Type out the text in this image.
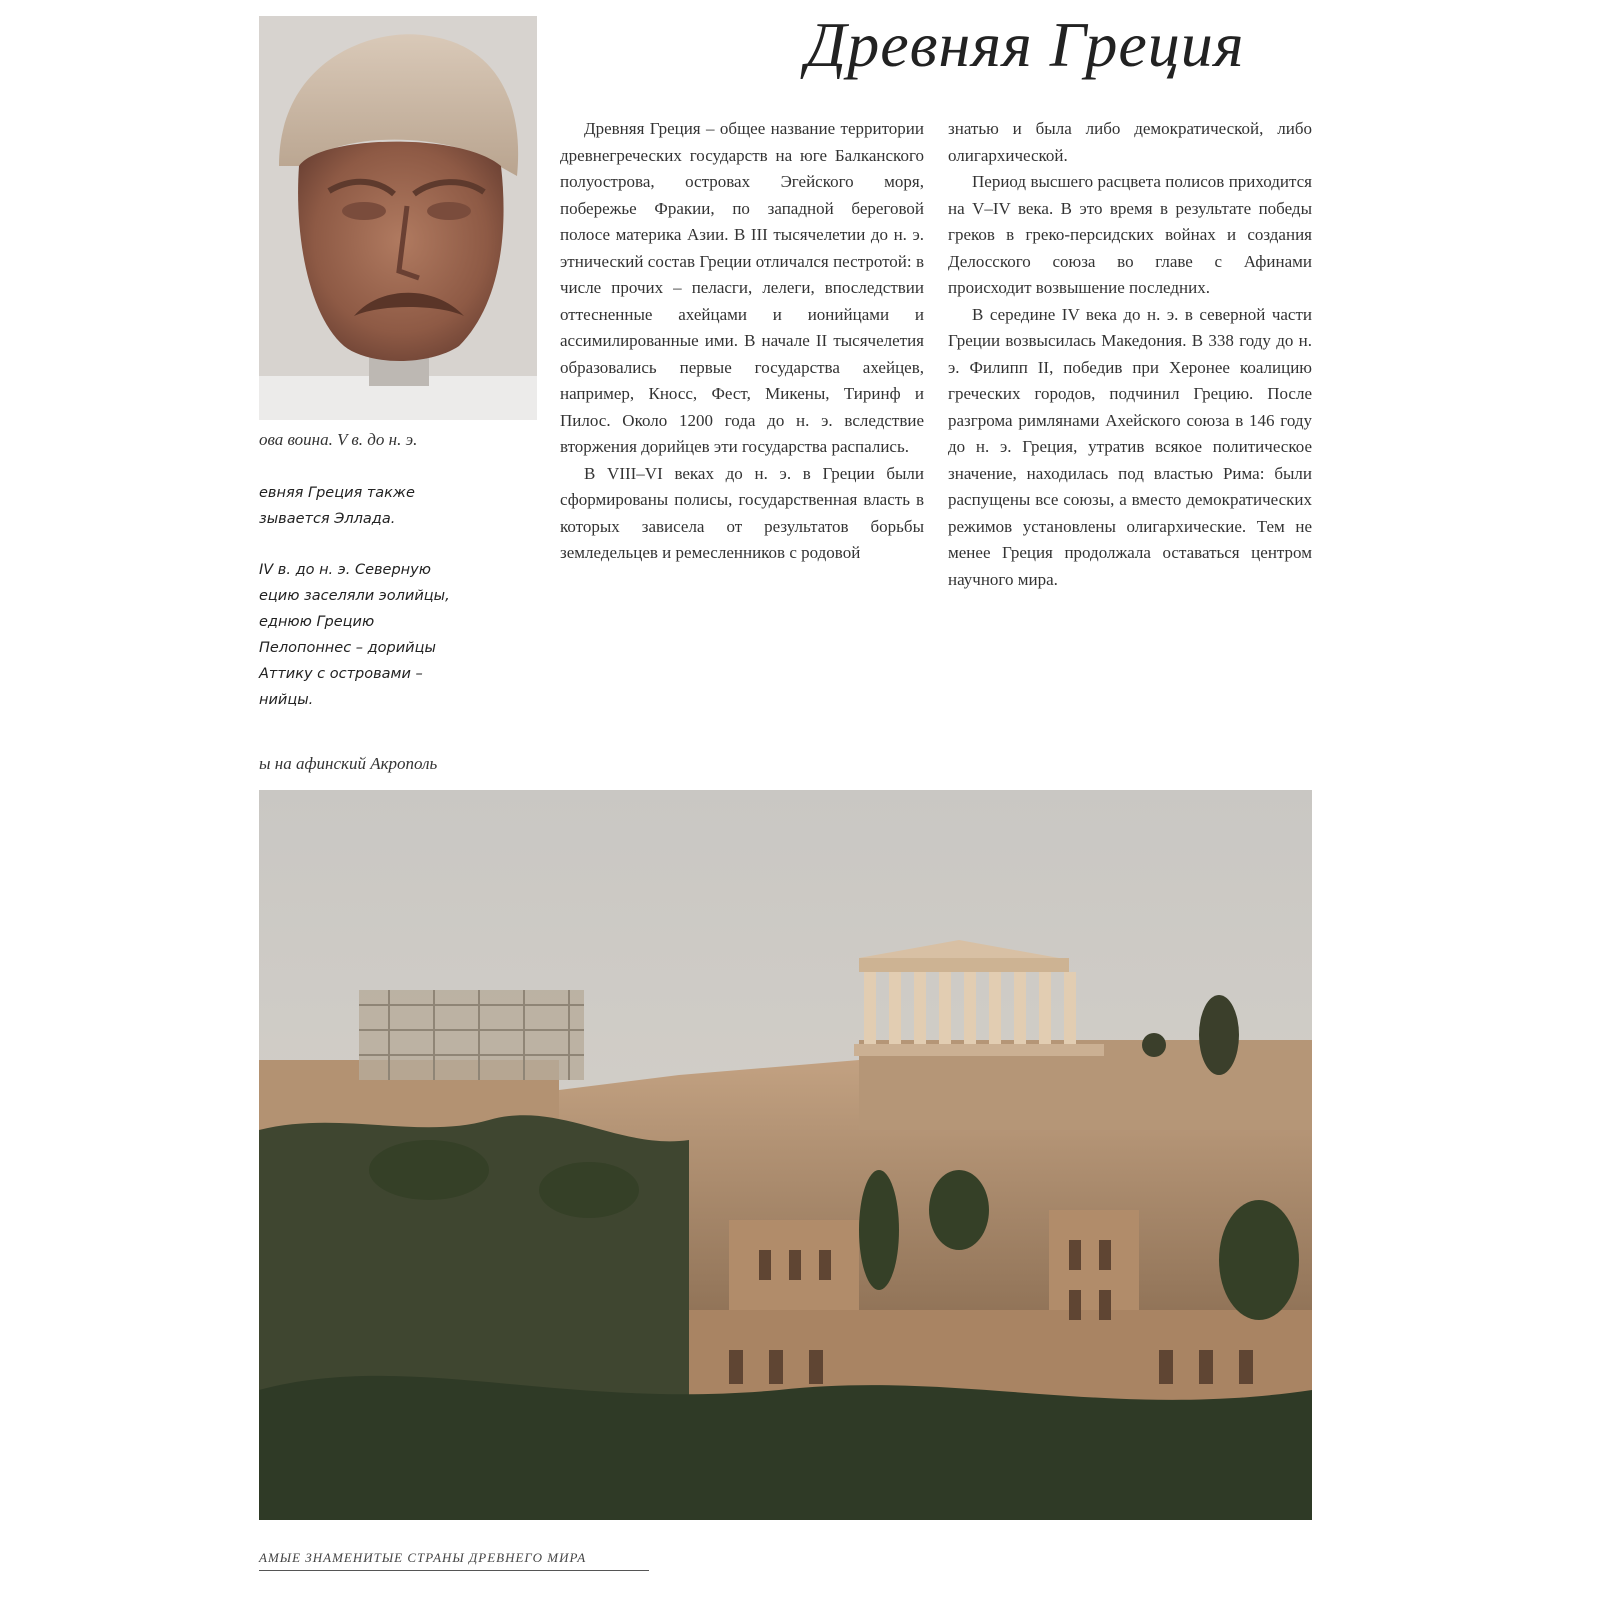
ова воина. V в. до н. э.

евняя Греция также
зывается Эллада.

IV в. до н. э. Северную
ецию заселяли эолийцы,
еднюю Грецию
Пелопоннес – дорийцы
Аттику с островами –
нийцы.

Древняя Греция

Древняя Греция – общее название территории древнегреческих государств на юге Балканского полуострова, островах Эгейского моря, побережье Фракии, по западной береговой полосе материка Азии. В III тысячелетии до н. э. этнический состав Греции отличался пестротой: в числе прочих – пеласги, лелеги, впоследствии оттесненные ахейцами и ионийцами и ассимилированные ими. В начале II тысячелетия образовались первые государства ахейцев, например, Кносс, Фест, Микены, Тиринф и Пилос. Около 1200 года до н. э. вследствие вторжения дорийцев эти государства распались.

В VIII–VI веках до н. э. в Греции были сформированы полисы, государственная власть в которых зависела от результатов борьбы земледельцев и ремесленников с родовой

знатью и была либо демократической, либо олигархической.

Период высшего расцвета полисов приходится на V–IV века. В это время в результате победы греков в греко-персидских войнах и создания Делосского союза во главе с Афинами происходит возвышение последних.

В середине IV века до н. э. в северной части Греции возвысилась Македония. В 338 году до н. э. Филипп II, победив при Херонее коалицию греческих городов, подчинил Грецию. После разгрома римлянами Ахейского союза в 146 году до н. э. Греция, утратив всякое политическое значение, находилась под властью Рима: были распущены все союзы, а вместо демократических режимов установлены олигархические. Тем не менее Греция продолжала оставаться центром научного мира.

ы на афинский Акрополь
АМЫЕ ЗНАМЕНИТЫЕ СТРАНЫ ДРЕВНЕГО МИРА
